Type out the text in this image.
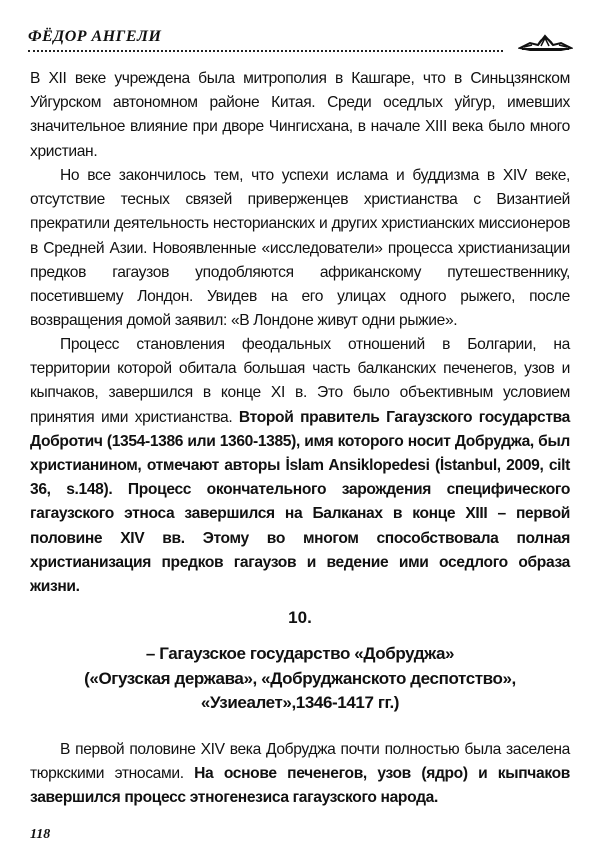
ФЁДОР АНГЕЛИ

В XII веке учреждена была митрополия в Кашгаре, что в Синьцзянском Уйгурском автономном районе Китая. Среди оседлых уйгур, имевших значительное влияние при дворе Чингисхана, в начале XIII века было много христиан.

Но все закончилось тем, что успехи ислама и буддизма в XIV веке, отсутствие тесных связей приверженцев христианства с Византией прекратили деятельность несторианских и других христианских миссионеров в Средней Азии. Новоявленные «исследователи» процесса христианизации предков гагаузов уподобляются африканскому путешественнику, посетившему Лондон. Увидев на его улицах одного рыжего, после возвращения домой заявил: «В Лондоне живут одни рыжие».

Процесс становления феодальных отношений в Болгарии, на территории которой обитала большая часть балканских печенегов, узов и кыпчаков, завершился в конце XI в. Это было объективным условием принятия ими христианства. Второй правитель Гагаузского государства Добротич (1354-1386 или 1360-1385), имя которого носит Добруджа, был христианином, отмечают авторы İslam Ansiklopedesi (İstanbul, 2009, cilt 36, s.148). Процесс окончательного зарождения специфического гагаузского этноса завершился на Балканах в конце XIII – первой половине XIV вв. Этому во многом способствовала полная христианизация предков гагаузов и ведение ими оседлого образа жизни.

10.
– Гагаузское государство «Добруджа»
(«Огузская держава», «Добруджанското деспотство»,
«Узиеалет»,1346-1417 гг.)

В первой половине XIV века Добруджа почти полностью была заселена тюркскими этносами. На основе печенегов, узов (ядро) и кыпчаков завершился процесс этногенезиса гагаузского народа.

118
